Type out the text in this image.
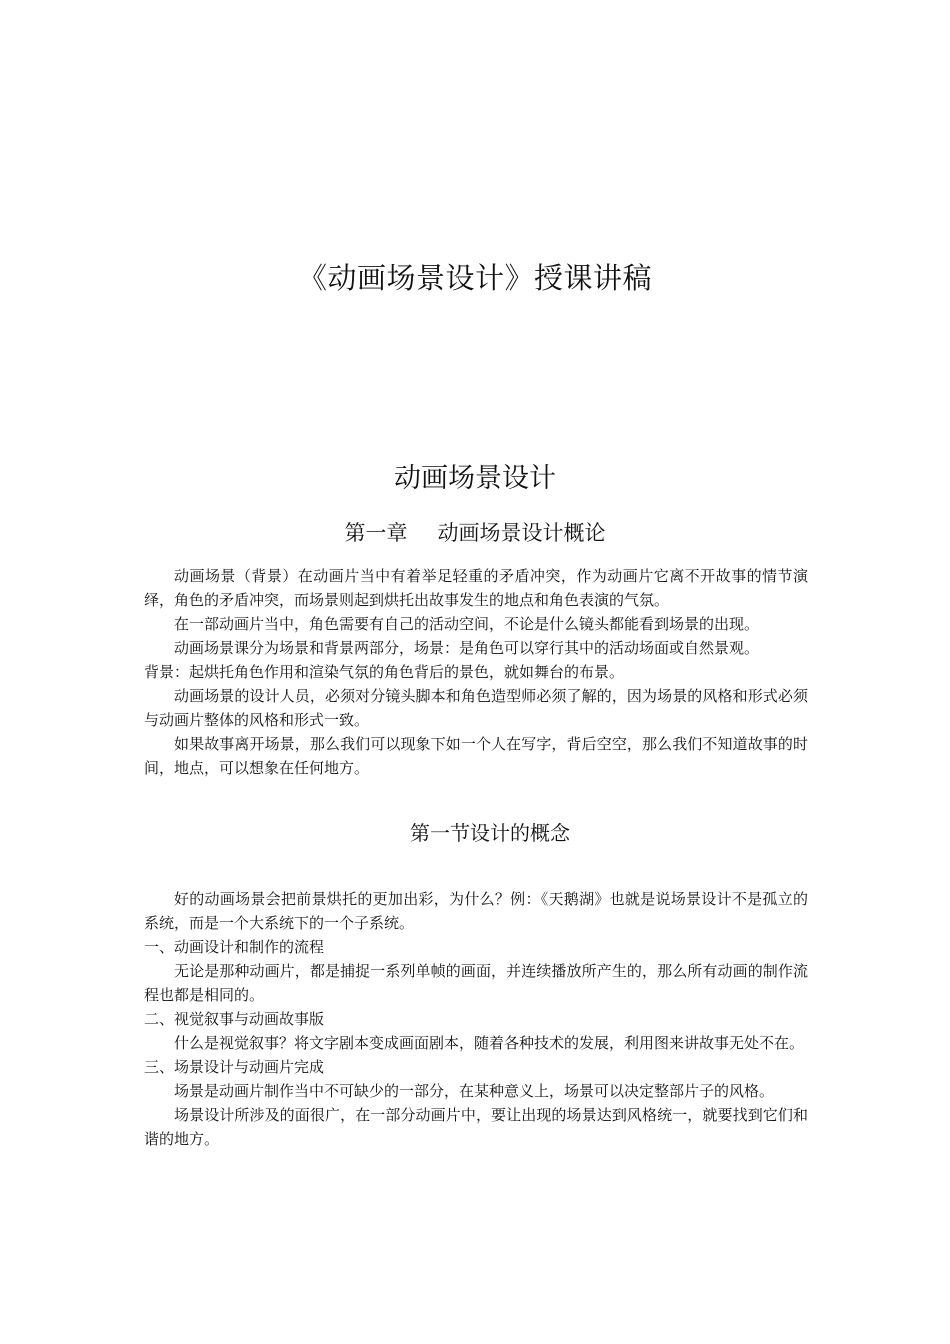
《动画场景设计》授课讲稿
动画场景设计
第一章 动画场景设计概论

动画场景（背景）在动画片当中有着举足轻重的矛盾冲突，作为动画片它离不开故事的情节演绎，角色的矛盾冲突，而场景则起到烘托出故事发生的地点和角色表演的气氛。

在一部动画片当中，角色需要有自己的活动空间，不论是什么镜头都能看到场景的出现。

动画场景课分为场景和背景两部分，场景：是角色可以穿行其中的活动场面或自然景观。

背景：起烘托角色作用和渲染气氛的角色背后的景色，就如舞台的布景。

动画场景的设计人员，必须对分镜头脚本和角色造型师必须了解的，因为场景的风格和形式必须与动画片整体的风格和形式一致。

如果故事离开场景，那么我们可以现象下如一个人在写字，背后空空，那么我们不知道故事的时间，地点，可以想象在任何地方。

第一节设计的概念

好的动画场景会把前景烘托的更加出彩，为什么？例：《天鹅湖》也就是说场景设计不是孤立的系统，而是一个大系统下的一个子系统。

一、动画设计和制作的流程

无论是那种动画片，都是捕捉一系列单帧的画面，并连续播放所产生的，那么所有动画的制作流程也都是相同的。

二、视觉叙事与动画故事版

什么是视觉叙事？将文字剧本变成画面剧本，随着各种技术的发展，利用图来讲故事无处不在。

三、场景设计与动画片完成

场景是动画片制作当中不可缺少的一部分，在某种意义上，场景可以决定整部片子的风格。

场景设计所涉及的面很广，在一部分动画片中，要让出现的场景达到风格统一，就要找到它们和谐的地方。
